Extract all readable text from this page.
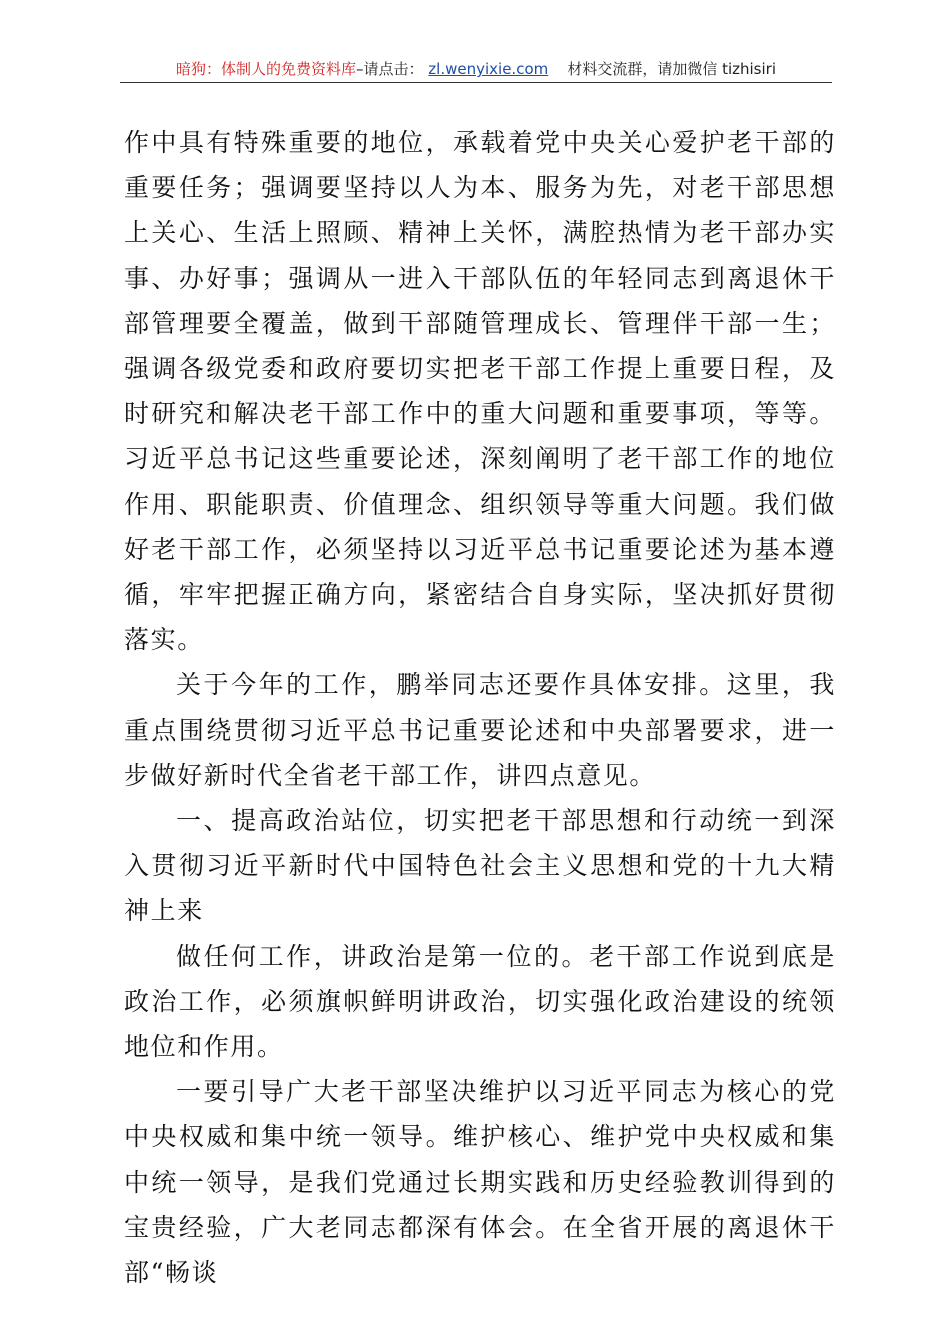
暗狗：体制人的免费资料库–请点击： zl.wenyixie.com 材料交流群，请加微信 tizhisiri

作中具有特殊重要的地位，承载着党中央关心爱护老干部的重要任务；强调要坚持以人为本、服务为先，对老干部思想上关心、生活上照顾、精神上关怀，满腔热情为老干部办实事、办好事；强调从一进入干部队伍的年轻同志到离退休干部管理要全覆盖，做到干部随管理成长、管理伴干部一生；强调各级党委和政府要切实把老干部工作提上重要日程，及时研究和解决老干部工作中的重大问题和重要事项，等等。习近平总书记这些重要论述，深刻阐明了老干部工作的地位作用、职能职责、价值理念、组织领导等重大问题。我们做好老干部工作，必须坚持以习近平总书记重要论述为基本遵循，牢牢把握正确方向，紧密结合自身实际，坚决抓好贯彻落实。

关于今年的工作，鹏举同志还要作具体安排。这里，我重点围绕贯彻习近平总书记重要论述和中央部署要求，进一步做好新时代全省老干部工作，讲四点意见。

一、提高政治站位，切实把老干部思想和行动统一到深入贯彻习近平新时代中国特色社会主义思想和党的十九大精神上来

做任何工作，讲政治是第一位的。老干部工作说到底是政治工作，必须旗帜鲜明讲政治，切实强化政治建设的统领地位和作用。

一要引导广大老干部坚决维护以习近平同志为核心的党中央权威和集中统一领导。维护核心、维护党中央权威和集中统一领导，是我们党通过长期实践和历史经验教训得到的宝贵经验，广大老同志都深有体会。在全省开展的离退休干部“畅谈
